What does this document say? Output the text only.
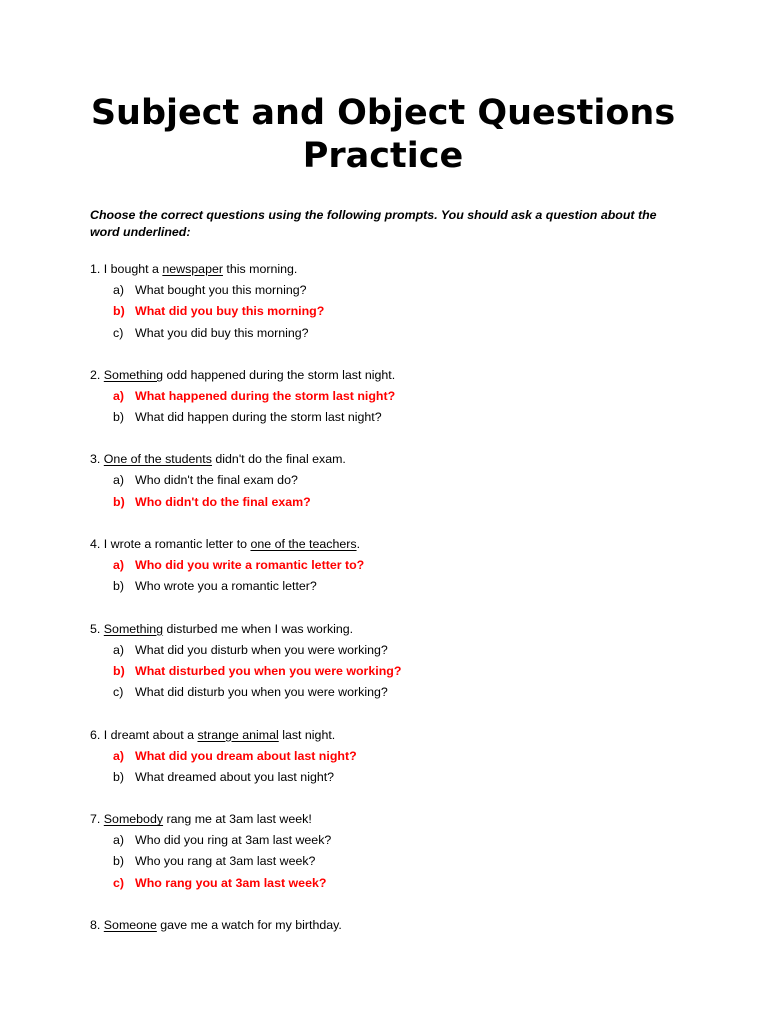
Subject and Object Questions
Practice

Choose the correct questions using the following prompts. You should ask a question about the word underlined:

1. I bought a newspaper this morning.
a) What bought you this morning?
b) What did you buy this morning?
c) What you did buy this morning?
2. Something odd happened during the storm last night.
a) What happened during the storm last night?
b) What did happen during the storm last night?
3. One of the students didn't do the final exam.
a) Who didn't the final exam do?
b) Who didn't do the final exam?
4. I wrote a romantic letter to one of the teachers.
a) Who did you write a romantic letter to?
b) Who wrote you a romantic letter?
5. Something disturbed me when I was working.
a) What did you disturb when you were working?
b) What disturbed you when you were working?
c) What did disturb you when you were working?
6. I dreamt about a strange animal last night.
a) What did you dream about last night?
b) What dreamed about you last night?
7. Somebody rang me at 3am last week!
a) Who did you ring at 3am last week?
b) Who you rang at 3am last week?
c) Who rang you at 3am last week?
8. Someone gave me a watch for my birthday.
